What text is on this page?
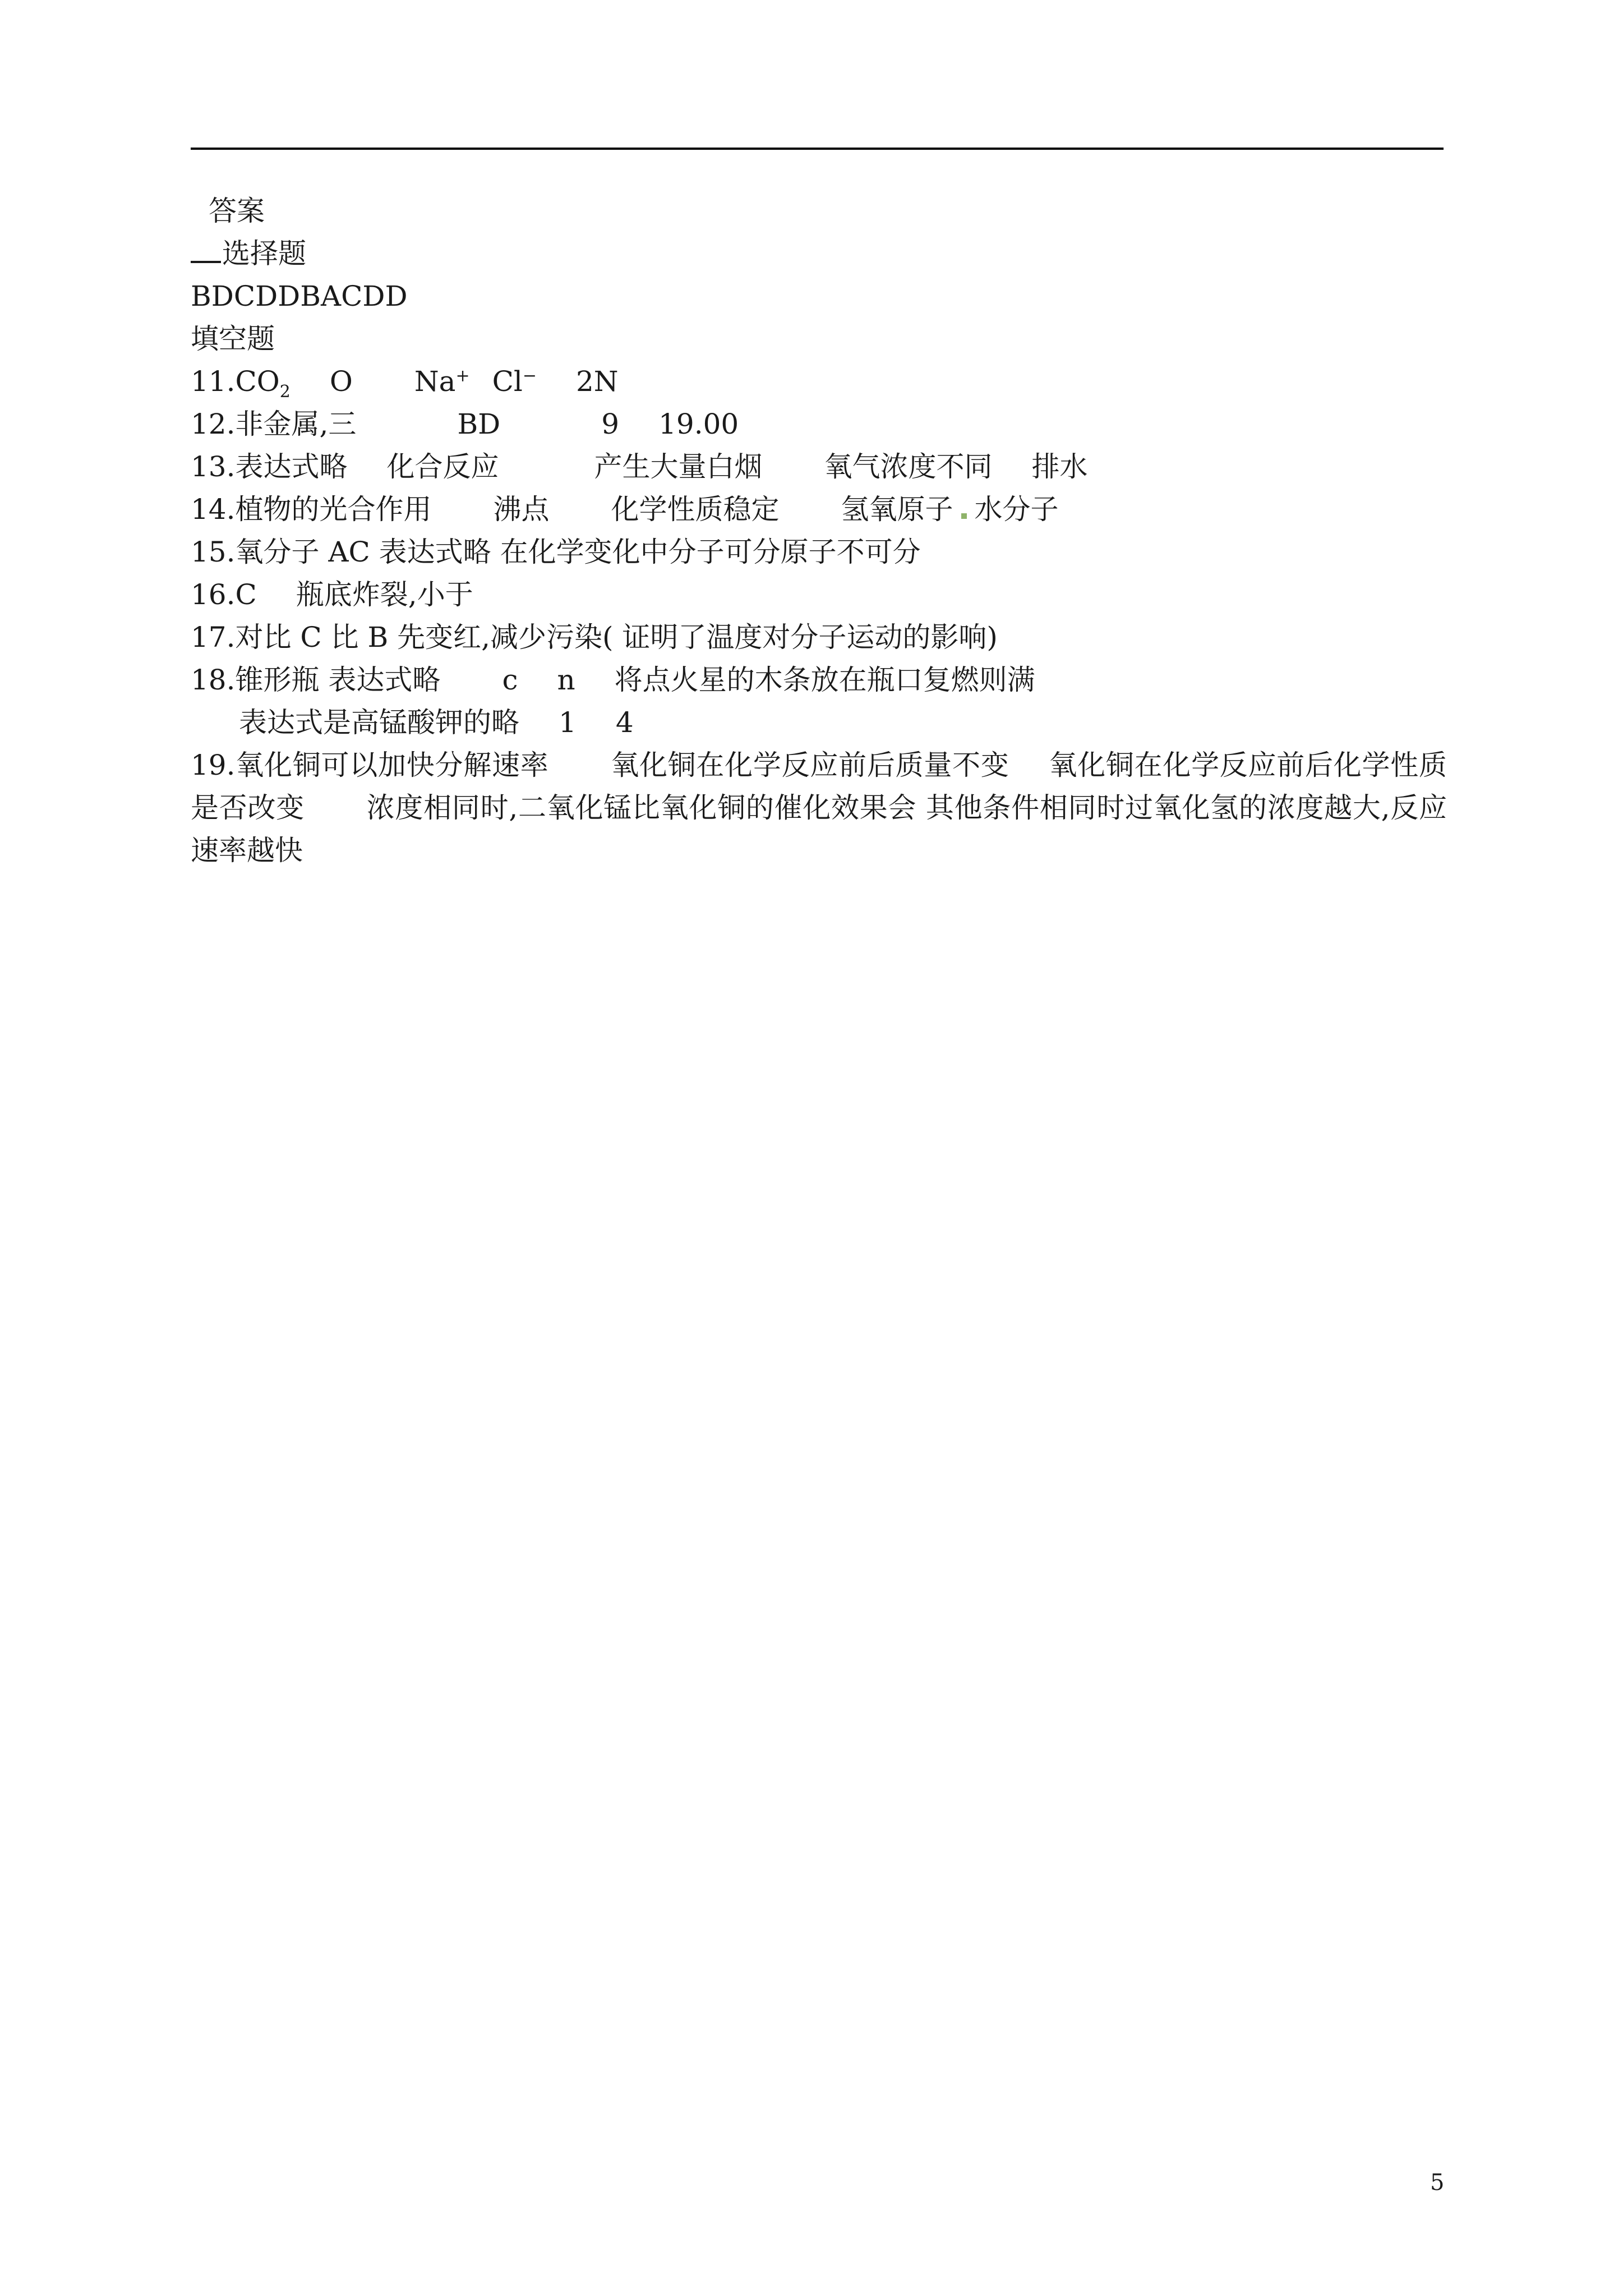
答案
选择题
BDCDDBACDD
填空题
$11.CO_2$ O Na+ Cl− 2N
12.非金属,三	BD	9 19.00
13.表达式略 化合反应	产生大量白烟 氧气浓度不同 排水
14.植物的光合作用 沸点 化学性质稳定 氢氧原子 水分子
15.氧分子 AC 表达式略 在化学变化中分子可分原子不可分
16.C 瓶底炸裂,小于
17.对比 C 比 B 先变红,减少污染( 证明了温度对分子运动的影响)
18.锥形瓶 表达式略 c n 将点火星的木条放在瓶口复燃则满
表达式是高锰酸钾的略 1 4
19.氧化铜可以加快分解速率 氧化铜在化学反应前后质量不变 氧化铜在化学反应前后化学性质是否改变 浓度相同时,二氧化锰比氧化铜的催化效果会 其他条件相同时过氧化氢的浓度越大,反应速率越快
5
